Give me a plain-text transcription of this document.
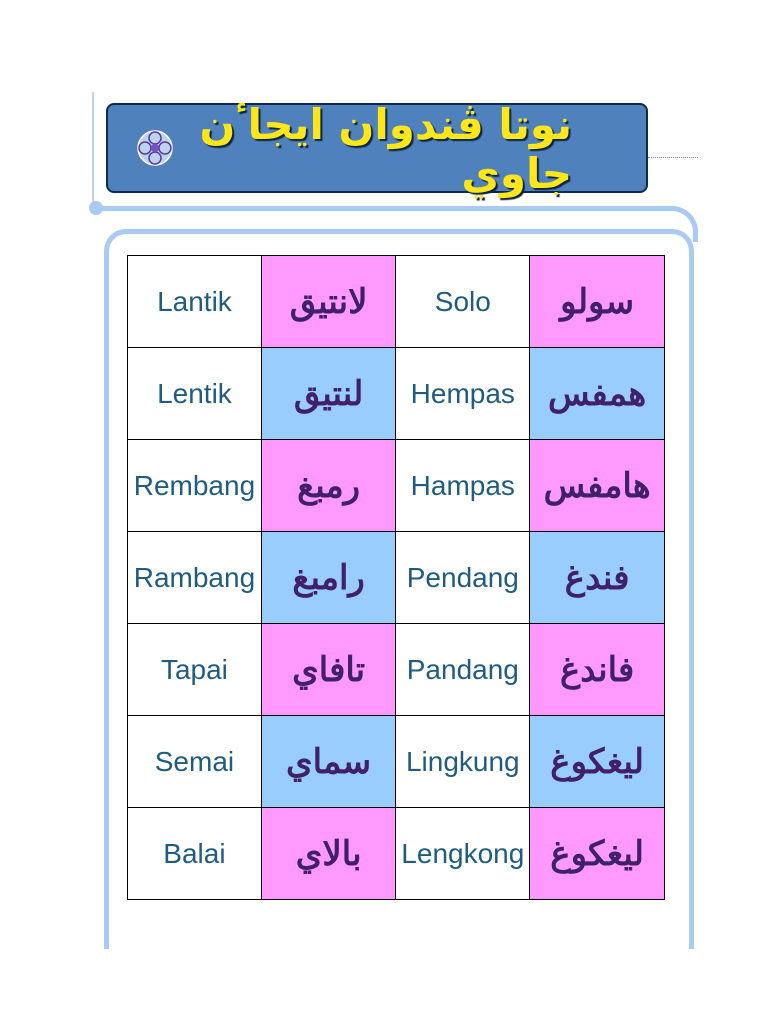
نوتا ڤندوان ايجاٴن جاوي
Lantik	لانتيق	Solo	سولو
Lentik	لنتيق	Hempas	همفس
Rembang	رمبغ	Hampas	هامفس
Rambang	رامبغ	Pendang	فندغ
Tapai	تافاي	Pandang	فاندغ
Semai	سماي	Lingkung	ليغكوغ
Balai	بالاي	Lengkong	ليغكوغ
